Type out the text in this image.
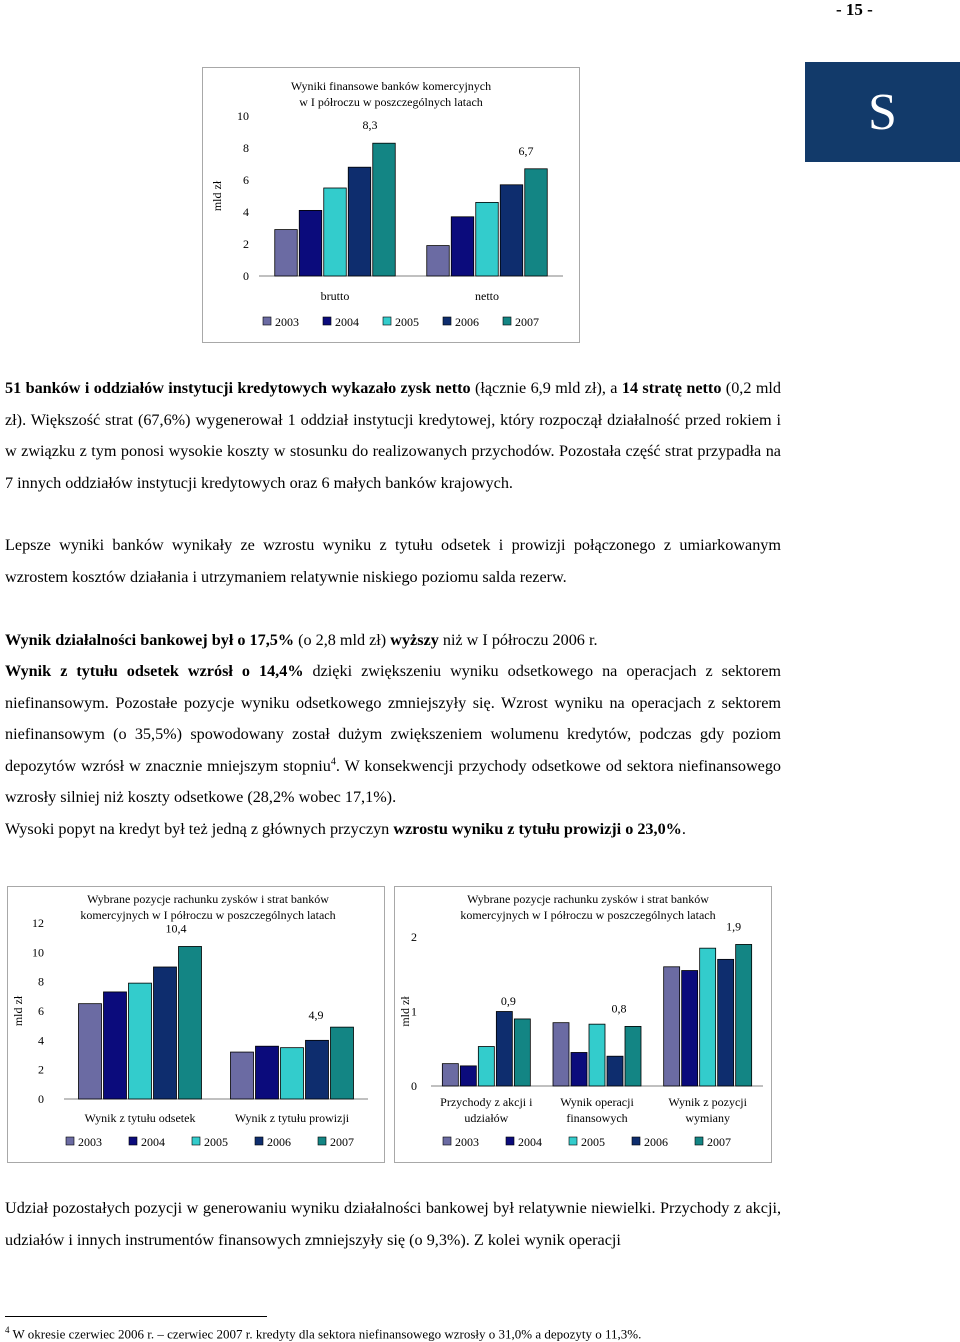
- 15 -
S
Wyniki finansowe banków komercyjnych
w I półroczu w poszczególnych latach
mld zł
0
2
4
6
8
10
brutto	netto
8,3
6,7
2003	2004	2005	2006	2007

51 banków i oddziałów instytucji kredytowych wykazało zysk netto (łącznie 6,9 mld zł), a 14 stratę netto (0,2 mld zł). Większość strat (67,6%) wygenerował 1 oddział instytucji kredytowej, który rozpoczął działalność przed rokiem i w związku z tym ponosi wysokie koszty w stosunku do realizowanych przychodów. Pozostała część strat przypadła na 7 innych oddziałów instytucji kredytowych oraz 6 małych banków krajowych.

Lepsze wyniki banków wynikały ze wzrostu wyniku z tytułu odsetek i prowizji połączonego z umiarkowanym wzrostem kosztów działania i utrzymaniem relatywnie niskiego poziomu salda rezerw.

Wynik działalności bankowej był o 17,5% (o 2,8 mld zł) wyższy niż w I półroczu 2006 r.

Wynik z tytułu odsetek wzrósł o 14,4% dzięki zwiększeniu wyniku odsetkowego na operacjach z sektorem niefinansowym. Pozostałe pozycje wyniku odsetkowego zmniejszyły się. Wzrost wyniku na operacjach z sektorem niefinansowym (o 35,5%) spowodowany został dużym zwiększeniem wolumenu kredytów, podczas gdy poziom depozytów wzrósł w znacznie mniejszym stopniu$^4$. W konsekwencji przychody odsetkowe od sektora niefinansowego wzrosły silniej niż koszty odsetkowe (28,2% wobec 17,1%).

Wysoki popyt na kredyt był też jedną z głównych przyczyn wzrostu wyniku z tytułu prowizji o 23,0%.

Wybrane pozycje rachunku zysków i strat banków
komercyjnych w I półroczu w poszczególnych latach
mld zł
0
2
4
6
8
10
12
Wynik z tytułu odsetek	Wynik z tytułu prowizji
10,4
4,9
2003	2004	2005	2006	2007
Wybrane pozycje rachunku zysków i strat banków
komercyjnych w I półroczu w poszczególnych latach
mld zł
0
1
2
Przychody z akcji i
udziałów
Wynik operacji
finansowych
Wynik z pozycji
wymiany
0,9
0,8
1,9
2003	2004	2005	2006	2007

Udział pozostałych pozycji w generowaniu wyniku działalności bankowej był relatywnie niewielki. Przychody z akcji, udziałów i innych instrumentów finansowych zmniejszyły się (o 9,3%). Z kolei wynik operacji

$^4$ W okresie czerwiec 2006 r. – czerwiec 2007 r. kredyty dla sektora niefinansowego wzrosły o 31,0% a depozyty o 11,3%.
